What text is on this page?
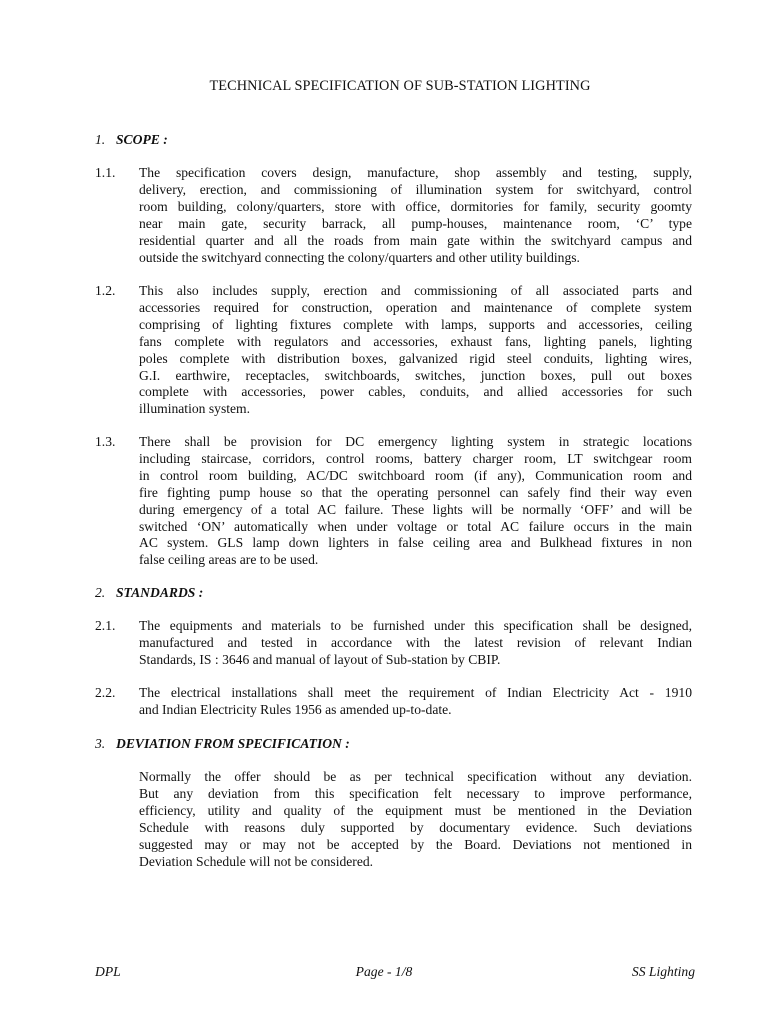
TECHNICAL SPECIFICATION OF SUB-STATION LIGHTING
1. SCOPE :
1.1. The specification covers design, manufacture, shop assembly and testing, supply,
delivery, erection, and commissioning of illumination system for switchyard, control
room building, colony/quarters, store with office, dormitories for family, security goomty
near main gate, security barrack, all pump-houses, maintenance room, ‘C’ type
residential quarter and all the roads from main gate within the switchyard campus and
outside the switchyard connecting the colony/quarters and other utility buildings.
1.2. This also includes supply, erection and commissioning of all associated parts and
accessories required for construction, operation and maintenance of complete system
comprising of lighting fixtures complete with lamps, supports and accessories, ceiling
fans complete with regulators and accessories, exhaust fans, lighting panels, lighting
poles complete with distribution boxes, galvanized rigid steel conduits, lighting wires,
G.I. earthwire, receptacles, switchboards, switches, junction boxes, pull out boxes
complete with accessories, power cables, conduits, and allied accessories for such
illumination system.
1.3. There shall be provision for DC emergency lighting system in strategic locations
including staircase, corridors, control rooms, battery charger room, LT switchgear room
in control room building, AC/DC switchboard room (if any), Communication room and
fire fighting pump house so that the operating personnel can safely find their way even
during emergency of a total AC failure. These lights will be normally ‘OFF’ and will be
switched ‘ON’ automatically when under voltage or total AC failure occurs in the main
AC system. GLS lamp down lighters in false ceiling area and Bulkhead fixtures in non
false ceiling areas are to be used.
2. STANDARDS :
2.1. The equipments and materials to be furnished under this specification shall be designed,
manufactured and tested in accordance with the latest revision of relevant Indian
Standards, IS : 3646 and manual of layout of Sub-station by CBIP.
2.2. The electrical installations shall meet the requirement of Indian Electricity Act - 1910
and Indian Electricity Rules 1956 as amended up-to-date.
3. DEVIATION FROM SPECIFICATION :
Normally the offer should be as per technical specification without any deviation.
But any deviation from this specification felt necessary to improve performance,
efficiency, utility and quality of the equipment must be mentioned in the Deviation
Schedule with reasons duly supported by documentary evidence. Such deviations
suggested may or may not be accepted by the Board. Deviations not mentioned in
Deviation Schedule will not be considered.
DPL	Page - 1/8	SS Lighting
